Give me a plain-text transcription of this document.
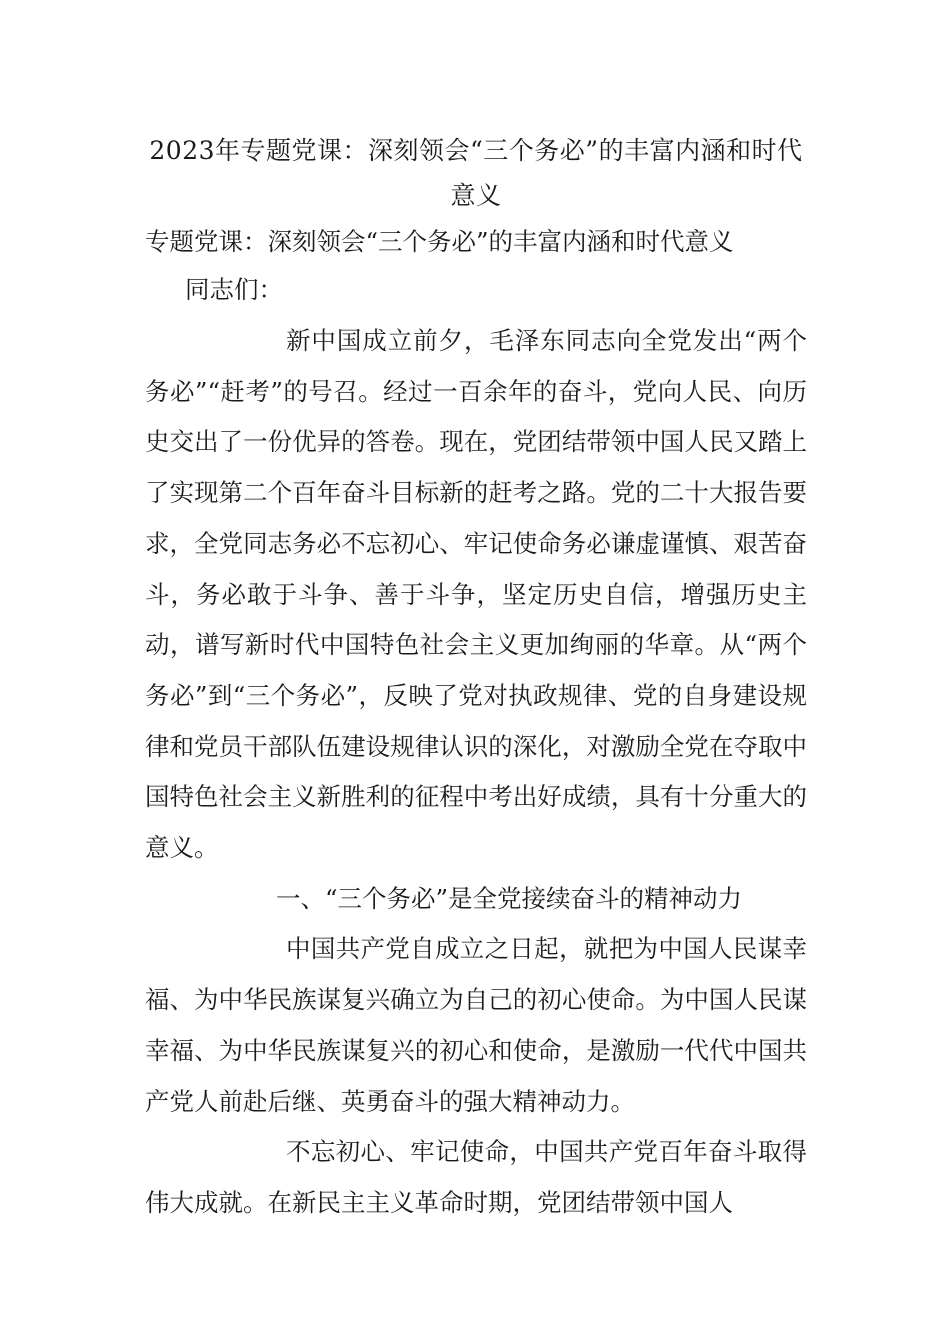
2023年专题党课：深刻领会“三个务必”的丰富内涵和时代意义

专题党课：深刻领会“三个务必”的丰富内涵和时代意义

同志们：

新中国成立前夕，毛泽东同志向全党发出“两个务必”“赶考”的号召。经过一百余年的奋斗，党向人民、向历史交出了一份优异的答卷。现在，党团结带领中国人民又踏上了实现第二个百年奋斗目标新的赶考之路。党的二十大报告要求，全党同志务必不忘初心、牢记使命务必谦虚谨慎、艰苦奋斗，务必敢于斗争、善于斗争，坚定历史自信，增强历史主动，谱写新时代中国特色社会主义更加绚丽的华章。从“两个务必”到“三个务必”，反映了党对执政规律、党的自身建设规律和党员干部队伍建设规律认识的深化，对激励全党在夺取中国特色社会主义新胜利的征程中考出好成绩，具有十分重大的意义。

一、“三个务必”是全党接续奋斗的精神动力

中国共产党自成立之日起，就把为中国人民谋幸福、为中华民族谋复兴确立为自己的初心使命。为中国人民谋幸福、为中华民族谋复兴的初心和使命，是激励一代代中国共产党人前赴后继、英勇奋斗的强大精神动力。

不忘初心、牢记使命，中国共产党百年奋斗取得伟大成就。在新民主主义革命时期，党团结带领中国人
